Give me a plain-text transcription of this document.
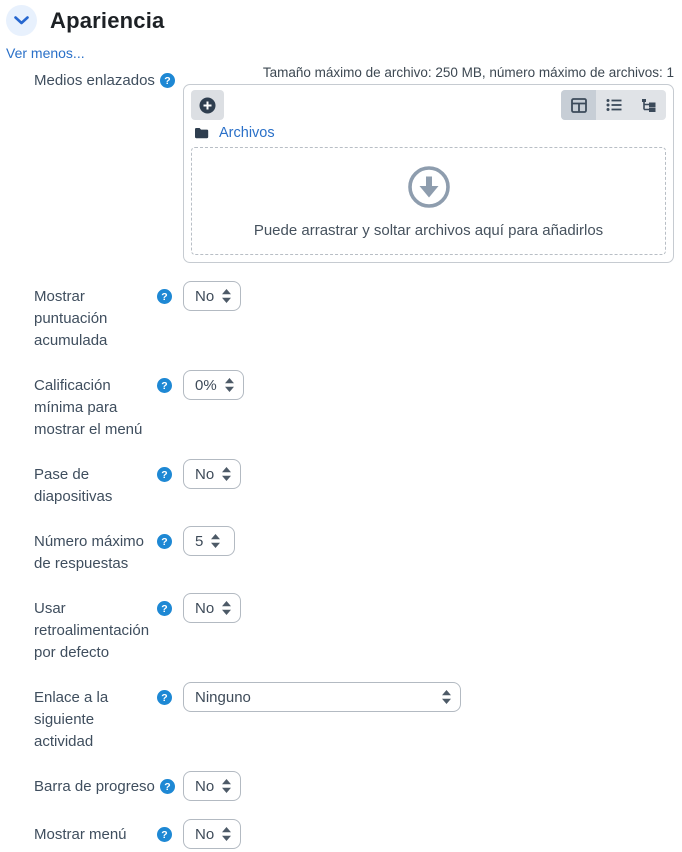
Apariencia
Ver menos...
Medios enlazados ?

Tamaño máximo de archivo: 250 MB, número máximo de archivos: 1

Archivos
Puede arrastrar y soltar archivos aquí para añadirlos
Mostrar puntuación acumulada
? No
Calificación mínima para mostrar el menú
? 0%
Pase de diapositivas
? No
Número máximo de respuestas
? 5
Usar retroalimentación por defecto
? No
Enlace a la siguiente actividad
? Ninguno
Barra de progreso ? No
Mostrar menú	? No
